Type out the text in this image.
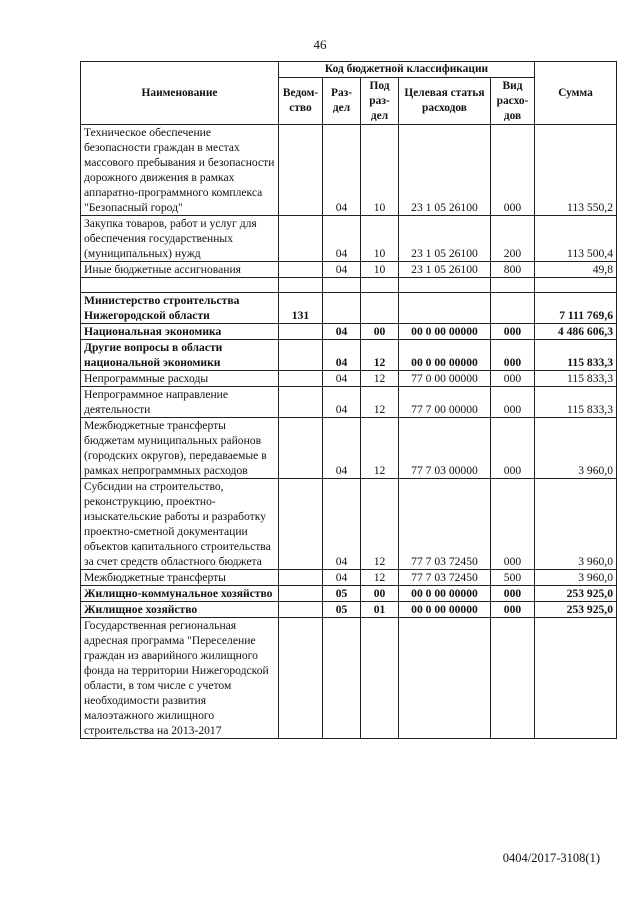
46
Наименование	Код бюджетной классификации					Сумма
	Ведом-ство	Раз-дел	Под раз-дел	Целевая статья расходов	Вид расхо-дов	
Техническое обеспечение безопасности граждан в местах массового пребывания и безопасности дорожного движения в рамках аппаратно-программного комплекса "Безопасный город"		04	10	23 1 05 26100	000	113 550,2
Закупка товаров, работ и услуг для обеспечения государственных (муниципальных) нужд		04	10	23 1 05 26100	200	113 500,4
Иные бюджетные ассигнования		04	10	23 1 05 26100	800	49,8

Министерство строительства Нижегородской области	131					7 111 769,6
Национальная экономика		04	00	00 0 00 00000	000	4 486 606,3
Другие вопросы в области национальной экономики		04	12	00 0 00 00000	000	115 833,3
Непрограммные расходы		04	12	77 0 00 00000	000	115 833,3
Непрограммное направление деятельности		04	12	77 7 00 00000	000	115 833,3
Межбюджетные трансферты бюджетам муниципальных районов (городских округов), передаваемые в рамках непрограммных расходов		04	12	77 7 03 00000	000	3 960,0
Субсидии на строительство, реконструкцию, проектно-изыскательские работы и разработку проектно-сметной документации объектов капитального строительства за счет средств областного бюджета		04	12	77 7 03 72450	000	3 960,0
Межбюджетные трансферты		04	12	77 7 03 72450	500	3 960,0
Жилищно-коммунальное хозяйство		05	00	00 0 00 00000	000	253 925,0
Жилищное хозяйство		05	01	00 0 00 00000	000	253 925,0
Государственная региональная адресная программа "Переселение граждан из аварийного жилищного фонда на территории Нижегородской области, в том числе с учетом необходимости развития малоэтажного жилищного строительства на 2013-2017						
0404/2017-3108(1)
